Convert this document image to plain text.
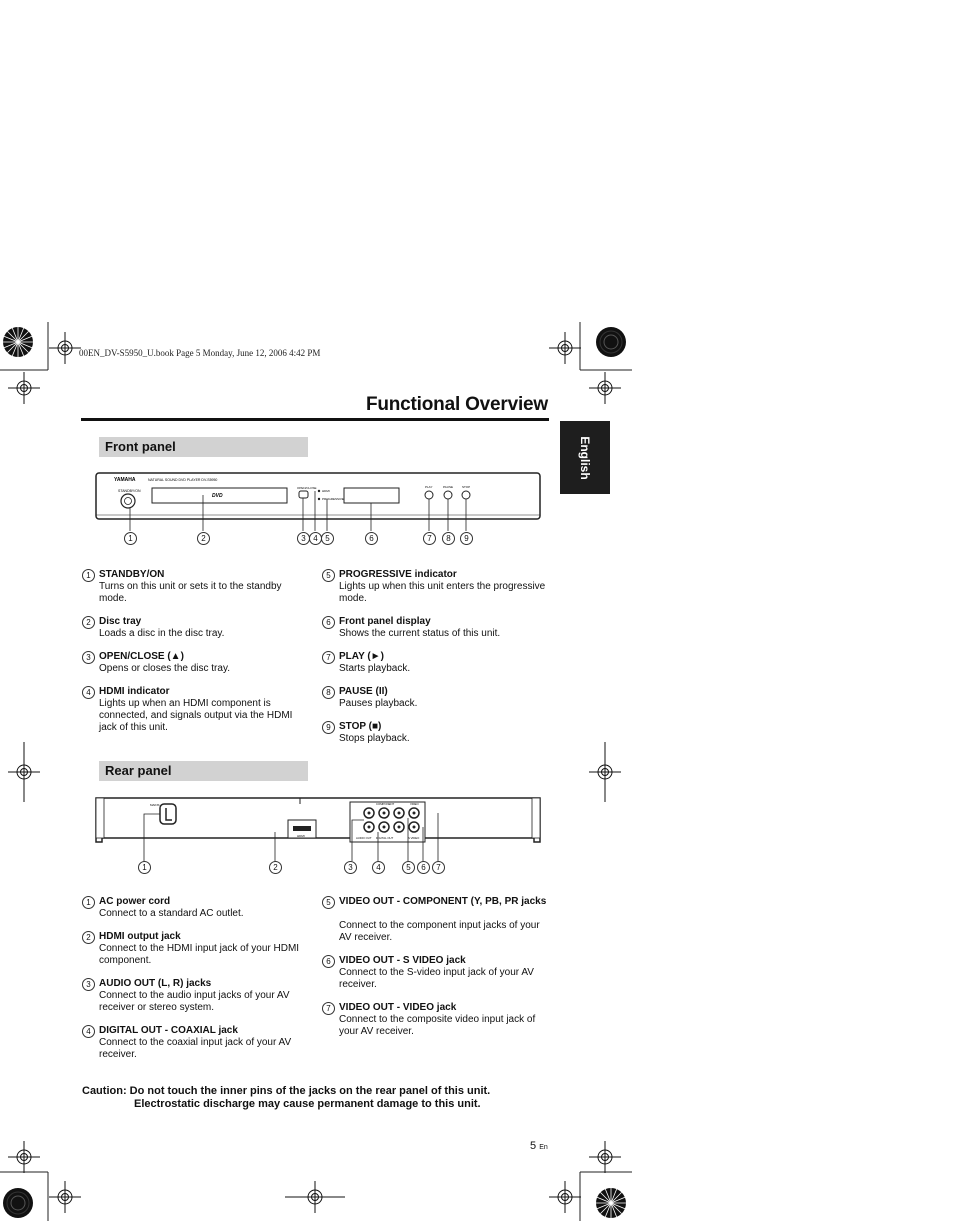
00EN_DV-S5950_U.book Page 5 Monday, June 12, 2006 4:42 PM
Functional Overview
English
Front panel
STANDBY/ON
YAMAHA	NATURAL SOUND DVD PLAYER DV-S5950
DVD
OPEN/CLOSE
HDMI
PROGRESSIVE
PLAY	PAUSE	STOP
1	2	3 4 5	6	7	8	9
1 STANDBY/ON
Turns on this unit or sets it to the standby mode.
2 Disc tray
Loads a disc in the disc tray.
3 OPEN/CLOSE (▲)
Opens or closes the disc tray.
4 HDMI indicator
Lights up when an HDMI component is connected, and signals output via the HDMI jack of this unit.
5 PROGRESSIVE indicator
Lights up when this unit enters the progressive mode.
6 Front panel display
Shows the current status of this unit.
7 PLAY (►)
Starts playback.
8 PAUSE (II)
Pauses playback.
9 STOP (■)
Stops playback.
Rear panel
MAINS
HDMI	AUDIO OUT DIGITAL OUT
COMPONENT
S VIDEO
VIDEO
1	2	3	4	5	6	7
1 AC power cord
Connect to a standard AC outlet.
2 HDMI output jack
Connect to the HDMI input jack of your HDMI component.
3 AUDIO OUT (L, R) jacks
Connect to the audio input jacks of your AV receiver or stereo system.
4 DIGITAL OUT - COAXIAL jack
Connect to the coaxial input jack of your AV receiver.
5 VIDEO OUT - COMPONENT (Y, PB, PR jacks
Connect to the component input jacks of your AV receiver.
6 VIDEO OUT - S VIDEO jack
Connect to the S-video input jack of your AV receiver.
7 VIDEO OUT - VIDEO jack
Connect to the composite video input jack of your AV receiver.
Caution: Do not touch the inner pins of the jacks on the rear panel of this unit.
Electrostatic discharge may cause permanent damage to this unit.
5 En
